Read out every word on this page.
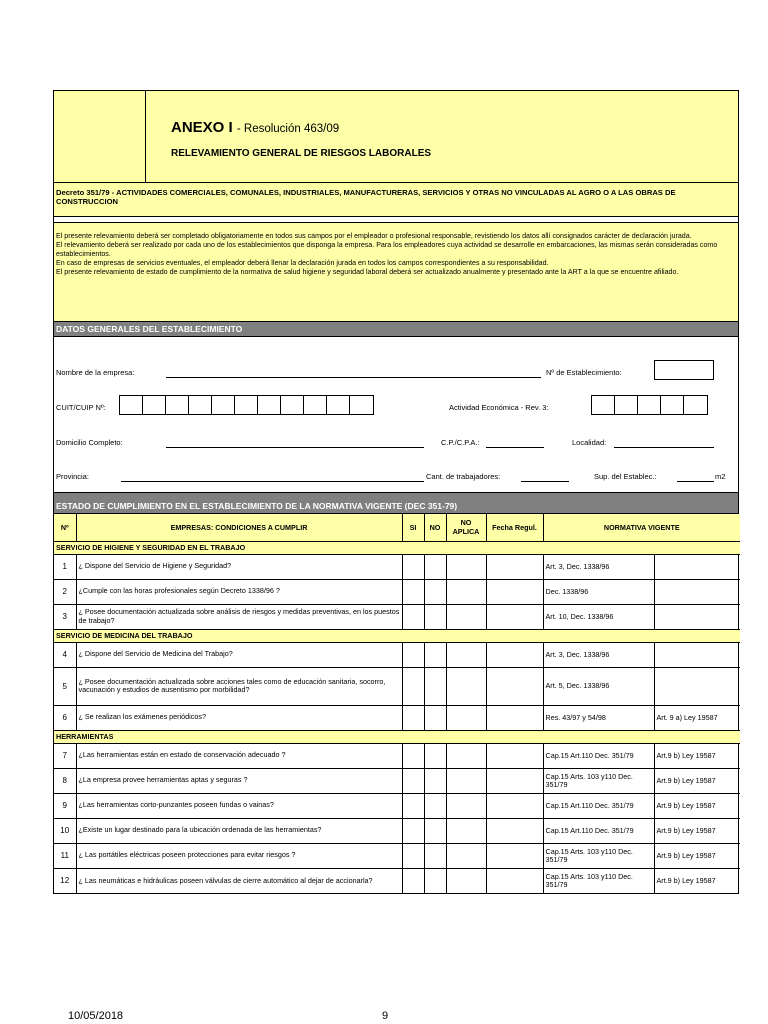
ANEXO I - Resolución 463/09
RELEVAMIENTO GENERAL DE RIESGOS LABORALES
Decreto 351/79 - ACTIVIDADES COMERCIALES, COMUNALES, INDUSTRIALES, MANUFACTURERAS, SERVICIOS Y OTRAS NO VINCULADAS AL AGRO O A LAS OBRAS DE CONSTRUCCION
El presente relevamiento deberá ser completado obligatoriamente en todos sus campos por el empleador o profesional responsable, revistiendo los datos allí consignados carácter de declaración jurada.
El relevamiento deberá ser realizado por cada uno de los establecimientos que disponga la empresa. Para los empleadores cuya actividad se desarrolle en embarcaciones, las mismas serán consideradas como establecimientos.
En caso de empresas de servicios eventuales, el empleador deberá llenar la declaración jurada en todos los campos correspondientes a su responsabilidad.
El presente relevamiento de estado de cumplimiento de la normativa de salud higiene y seguridad laboral deberá ser actualizado anualmente y presentado ante la ART a la que se encuentre afiliado.
DATOS GENERALES DEL ESTABLECIMIENTO
Nombre de la empresa:	Nº de Establecimiento:
CUIT/CUIP Nº:	Actividad Económica - Rev. 3:
Domicilio Completo:	C.P./C.P.A.:	Localidad:
Provincia:	Cant. de trabajadores:	Sup. del Establec.:	m2
ESTADO DE CUMPLIMIENTO EN EL ESTABLECIMIENTO DE LA NORMATIVA VIGENTE (DEC 351-79)
Nº	EMPRESAS: CONDICIONES A CUMPLIR	SI	NO	NO APLICA	Fecha Regul.	NORMATIVA VIGENTE	
SERVICIO DE HIGIENE Y SEGURIDAD EN EL TRABAJO							
1	¿ Dispone del Servicio de Higiene y Seguridad?					Art. 3, Dec. 1338/96	
2	¿Cumple con las horas profesionales según Decreto 1338/96 ?					Dec. 1338/96	
3	¿ Posee documentación actualizada sobre análisis de riesgos y medidas preventivas, en los puestos de trabajo?					Art. 10, Dec. 1338/96	
SERVICIO DE MEDICINA DEL TRABAJO							
4	¿ Dispone del Servicio de Medicina del Trabajo?					Art. 3, Dec. 1338/96	
5	¿ Posee documentación actualizada sobre acciones tales como de educación sanitaria, socorro, vacunación y estudios de ausentismo por morbilidad?					Art. 5, Dec. 1338/96	
6	¿ Se realizan los exámenes periódicos?					Res. 43/97 y 54/98	Art. 9 a) Ley 19587
HERRAMIENTAS							
7	¿Las herramientas están en estado de conservación adecuado ?					Cap.15 Art.110 Dec. 351/79	Art.9 b) Ley 19587
8	¿La empresa provee herramientas aptas y seguras ?					Cap.15 Arts. 103 y110 Dec. 351/79	Art.9 b) Ley 19587
9	¿Las herramientas corto-punzantes poseen fundas o vainas?					Cap.15 Art.110 Dec. 351/79	Art.9 b) Ley 19587
10	¿Existe un lugar destinado para la ubicación ordenada de las herramientas?					Cap.15 Art.110 Dec. 351/79	Art.9 b) Ley 19587
11	¿ Las portátiles eléctricas poseen protecciones para evitar riesgos ?					Cap.15 Arts. 103 y110 Dec. 351/79	Art.9 b) Ley 19587
12	¿ Las neumáticas e hidráulicas poseen válvulas de cierre automático al dejar de accionarla?					Cap.15 Arts. 103 y110 Dec. 351/79	Art.9 b) Ley 19587
10/05/2018	9
